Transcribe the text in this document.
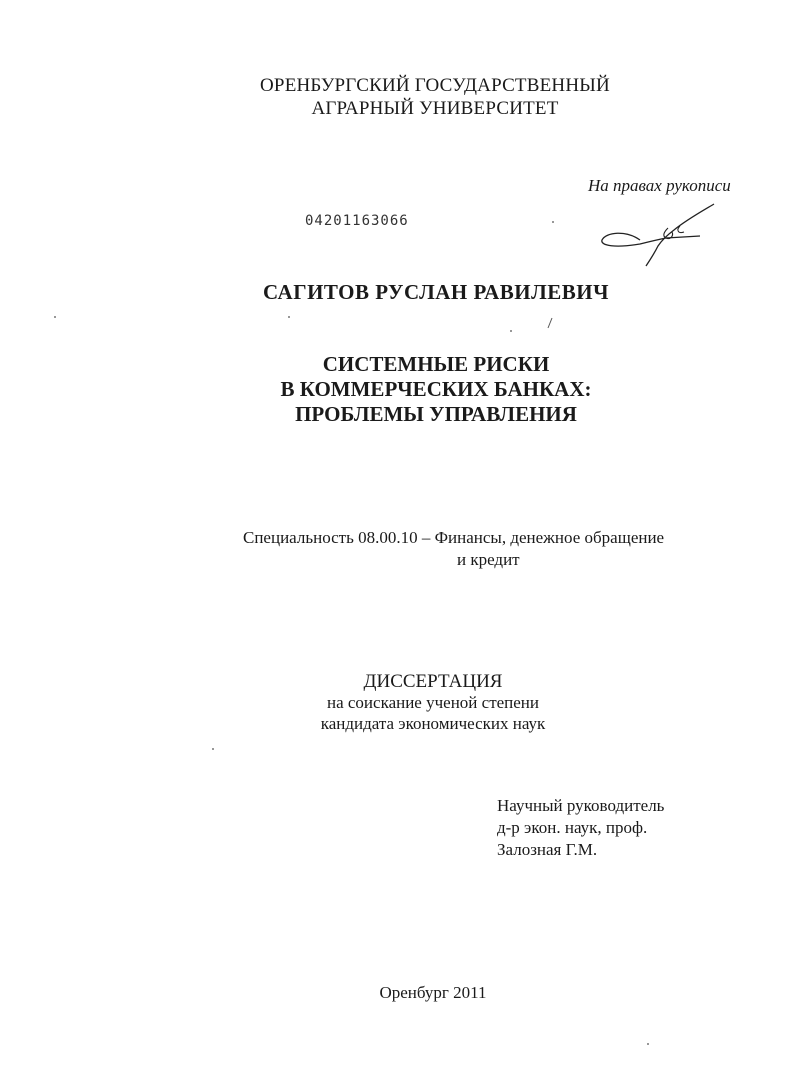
ОРЕНБУРГСКИЙ ГОСУДАРСТВЕННЫЙ
АГРАРНЫЙ УНИВЕРСИТЕТ
На правах рукописи
04201163066
САГИТОВ РУСЛАН РАВИЛЕВИЧ
СИСТЕМНЫЕ РИСКИ
В КОММЕРЧЕСКИХ БАНКАХ:
ПРОБЛЕМЫ УПРАВЛЕНИЯ
Специальность 08.00.10 – Финансы, денежное обращение
и кредит
ДИССЕРТАЦИЯ
на соискание ученой степени
кандидата экономических наук
Научный руководитель
д-р экон. наук, проф.
Залозная Г.М.
Оренбург 2011
